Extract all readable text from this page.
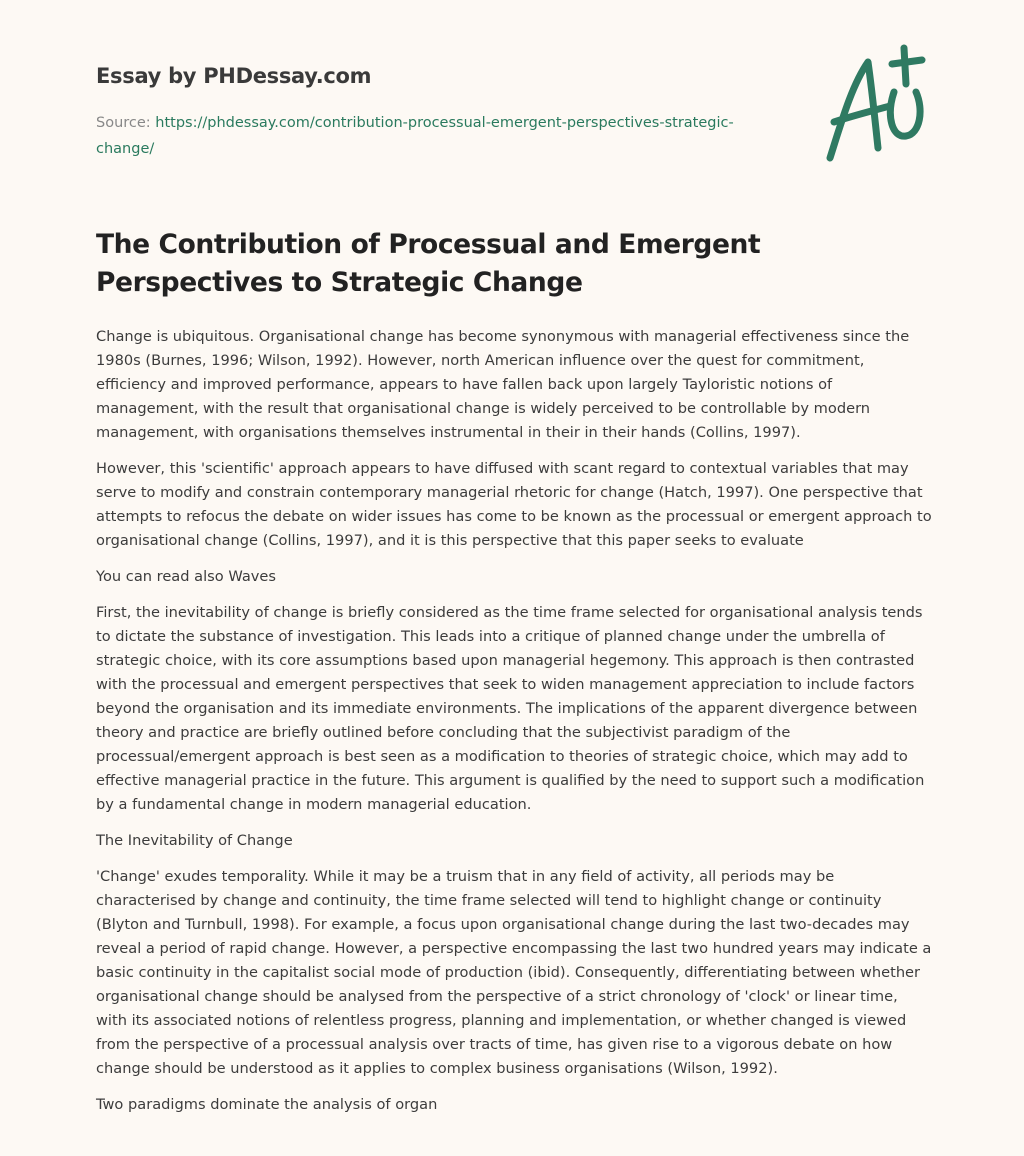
Essay by PHDessay.com
Source: https://phdessay.com/contribution-processual-emergent-perspectives-strategic-change/
The Contribution of Processual and Emergent Perspectives to Strategic Change

Change is ubiquitous. Organisational change has become synonymous with managerial effectiveness since the 1980s (Burnes, 1996; Wilson, 1992). However, north American influence over the quest for commitment, efficiency and improved performance, appears to have fallen back upon largely Tayloristic notions of management, with the result that organisational change is widely perceived to be controllable by modern management, with organisations themselves instrumental in their in their hands (Collins, 1997).

However, this 'scientific' approach appears to have diffused with scant regard to contextual variables that may serve to modify and constrain contemporary managerial rhetoric for change (Hatch, 1997). One perspective that attempts to refocus the debate on wider issues has come to be known as the processual or emergent approach to organisational change (Collins, 1997), and it is this perspective that this paper seeks to evaluate

You can read also Waves

First, the inevitability of change is briefly considered as the time frame selected for organisational analysis tends to dictate the substance of investigation. This leads into a critique of planned change under the umbrella of strategic choice, with its core assumptions based upon managerial hegemony. This approach is then contrasted with the processual and emergent perspectives that seek to widen management appreciation to include factors beyond the organisation and its immediate environments. The implications of the apparent divergence between theory and practice are briefly outlined before concluding that the subjectivist paradigm of the processual/emergent approach is best seen as a modification to theories of strategic choice, which may add to effective managerial practice in the future. This argument is qualified by the need to support such a modification by a fundamental change in modern managerial education.

The Inevitability of Change

'Change' exudes temporality. While it may be a truism that in any field of activity, all periods may be characterised by change and continuity, the time frame selected will tend to highlight change or continuity (Blyton and Turnbull, 1998). For example, a focus upon organisational change during the last two-decades may reveal a period of rapid change. However, a perspective encompassing the last two hundred years may indicate a basic continuity in the capitalist social mode of production (ibid). Consequently, differentiating between whether organisational change should be analysed from the perspective of a strict chronology of 'clock' or linear time, with its associated notions of relentless progress, planning and implementation, or whether changed is viewed from the perspective of a processual analysis over tracts of time, has given rise to a vigorous debate on how change should be understood as it applies to complex business organisations (Wilson, 1992).

Two paradigms dominate the analysis of organ
